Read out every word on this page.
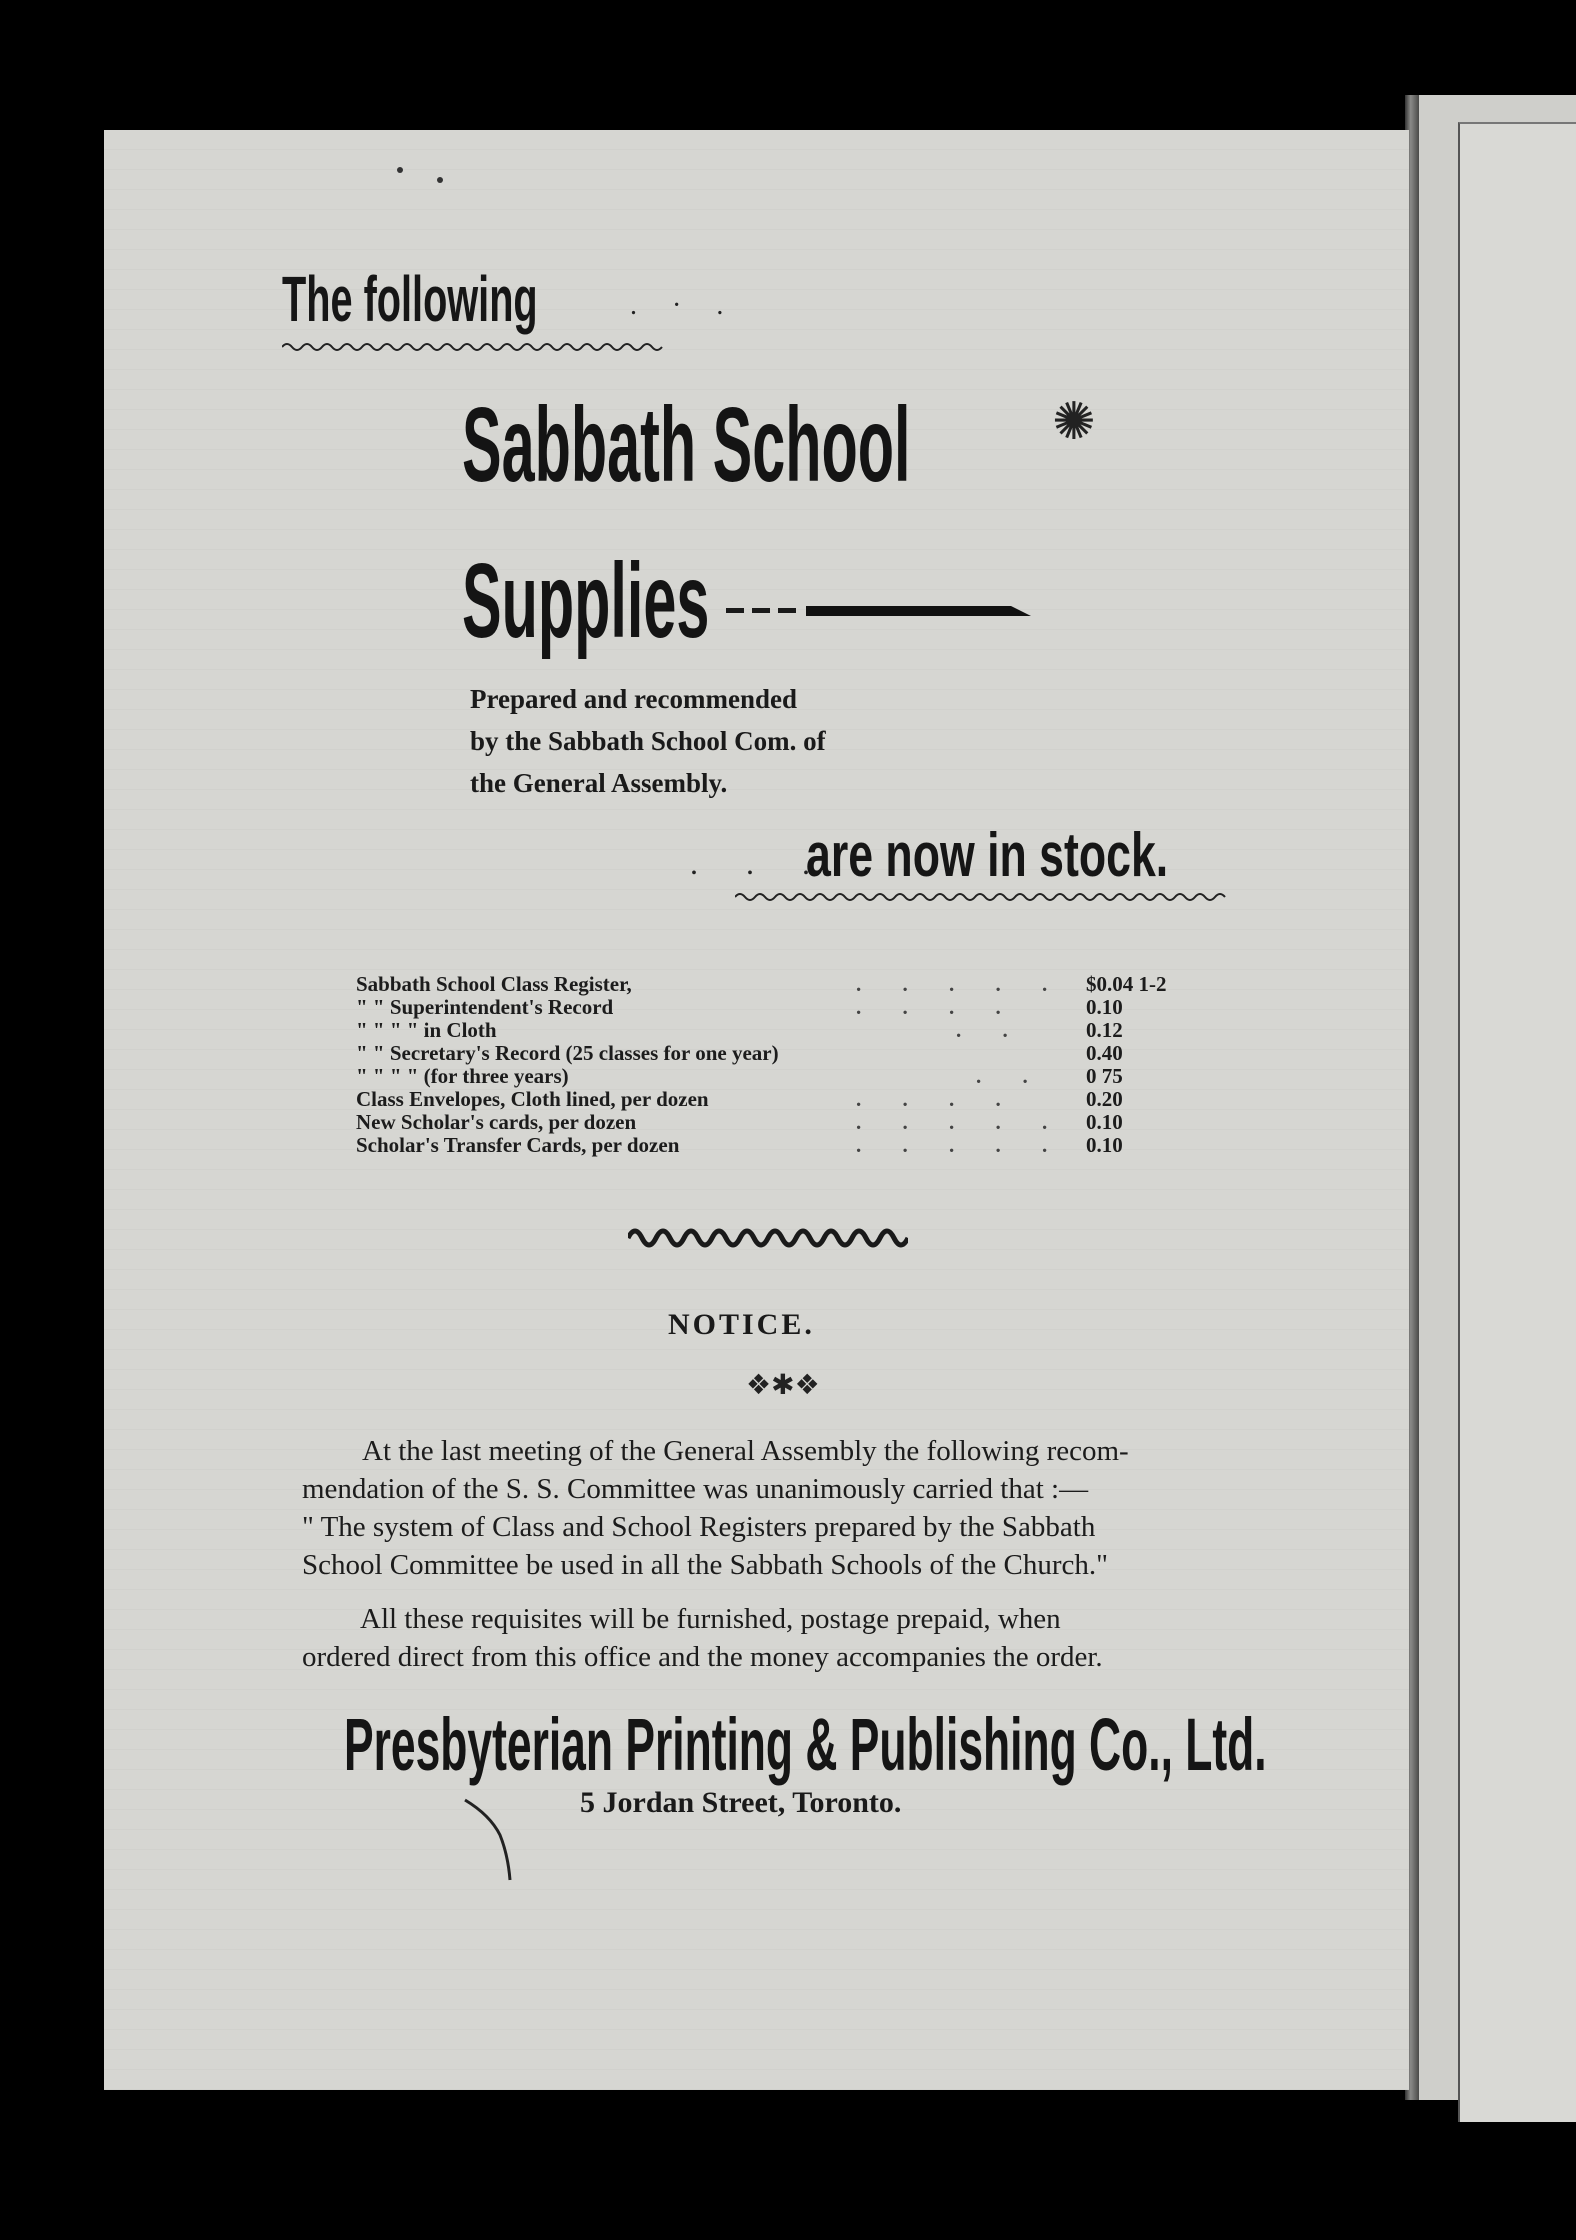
The following	. · .
✺
Sabbath School
Supplies
Prepared and recommended
by the Sabbath School Com. of
the General Assembly.
. . .
are now in stock.
Sabbath School Class Register,	. . . . . $0.04 1-2
" " Superintendent's Record	. . . .	0.10
" " " " in Cloth	. .	0.12
" " Secretary's Record (25 classes for one year)	0.40
" " " " (for three years)	. . 0 75
Class Envelopes, Cloth lined, per dozen	. . . .	0.20
New Scholar's cards, per dozen	. . . . . 0.10
Scholar's Transfer Cards, per dozen	. . . . . 0.10
NOTICE.
❖✱❖
At the last meeting of the General Assembly the following recom-
mendation of the S. S. Committee was unanimously carried that :—
" The system of Class and School Registers prepared by the Sabbath
School Committee be used in all the Sabbath Schools of the Church."
All these requisites will be furnished, postage prepaid, when
ordered direct from this office and the money accompanies the order.
Presbyterian Printing & Publishing Co., Ltd.
5 Jordan Street, Toronto.
